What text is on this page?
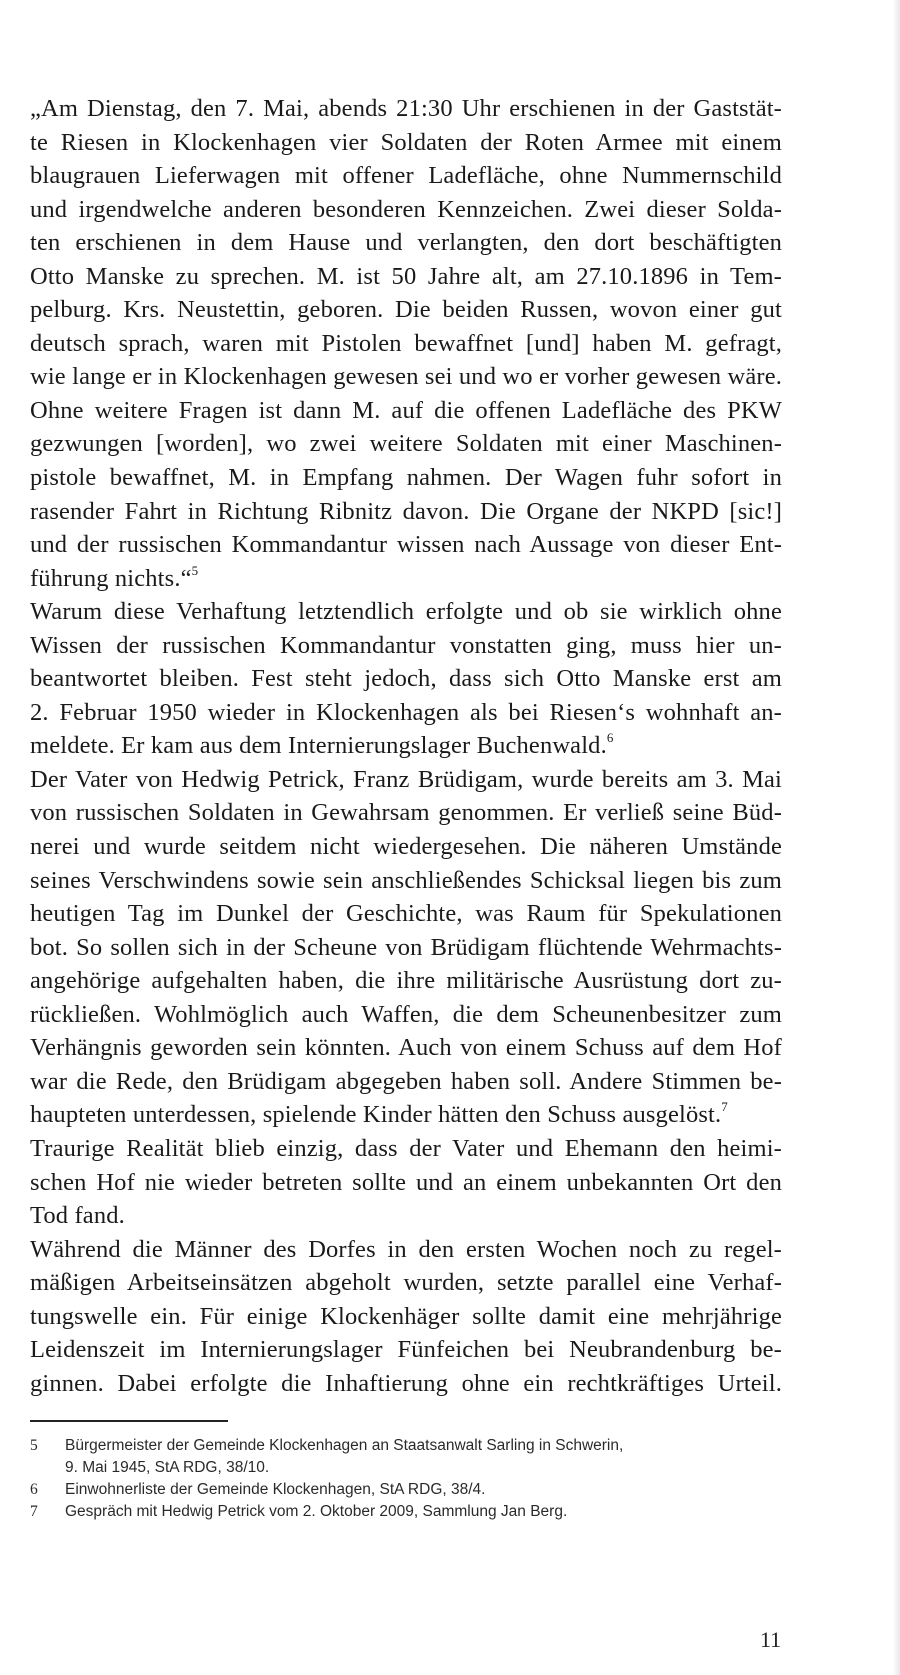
„Am Dienstag, den 7. Mai, abends 21:30 Uhr erschienen in der Gaststät-
te Riesen in Klockenhagen vier Soldaten der Roten Armee mit einem
blaugrauen Lieferwagen mit offener Ladefläche, ohne Nummernschild
und irgendwelche anderen besonderen Kennzeichen. Zwei dieser Solda-
ten erschienen in dem Hause und verlangten, den dort beschäftigten
Otto Manske zu sprechen. M. ist 50 Jahre alt, am 27.10.1896 in Tem-
pelburg. Krs. Neustettin, geboren. Die beiden Russen, wovon einer gut
deutsch sprach, waren mit Pistolen bewaffnet [und] haben M. gefragt,
wie lange er in Klockenhagen gewesen sei und wo er vorher gewesen wäre.
Ohne weitere Fragen ist dann M. auf die offenen Ladefläche des PKW
gezwungen [worden], wo zwei weitere Soldaten mit einer Maschinen-
pistole bewaffnet, M. in Empfang nahmen. Der Wagen fuhr sofort in
rasender Fahrt in Richtung Ribnitz davon. Die Organe der NKPD [sic!]
und der russischen Kommandantur wissen nach Aussage von dieser Ent-
führung nichts.“$^5$
Warum diese Verhaftung letztendlich erfolgte und ob sie wirklich ohne
Wissen der russischen Kommandantur vonstatten ging, muss hier un-
beantwortet bleiben. Fest steht jedoch, dass sich Otto Manske erst am
2. Februar 1950 wieder in Klockenhagen als bei Riesen‘s wohnhaft an-
meldete. Er kam aus dem Internierungslager Buchenwald.$^6$
Der Vater von Hedwig Petrick, Franz Brüdigam, wurde bereits am 3. Mai
von russischen Soldaten in Gewahrsam genommen. Er verließ seine Büd-
nerei und wurde seitdem nicht wiedergesehen. Die näheren Umstände
seines Verschwindens sowie sein anschließendes Schicksal liegen bis zum
heutigen Tag im Dunkel der Geschichte, was Raum für Spekulationen
bot. So sollen sich in der Scheune von Brüdigam flüchtende Wehrmachts-
angehörige aufgehalten haben, die ihre militärische Ausrüstung dort zu-
rückließen. Wohlmöglich auch Waffen, die dem Scheunenbesitzer zum
Verhängnis geworden sein könnten. Auch von einem Schuss auf dem Hof
war die Rede, den Brüdigam abgegeben haben soll. Andere Stimmen be-
haupteten unterdessen, spielende Kinder hätten den Schuss ausgelöst.$^7$
Traurige Realität blieb einzig, dass der Vater und Ehemann den heimi-
schen Hof nie wieder betreten sollte und an einem unbekannten Ort den
Tod fand.
Während die Männer des Dorfes in den ersten Wochen noch zu regel-
mäßigen Arbeitseinsätzen abgeholt wurden, setzte parallel eine Verhaf-
tungswelle ein. Für einige Klockenhäger sollte damit eine mehrjährige
Leidenszeit im Internierungslager Fünfeichen bei Neubrandenburg be-
ginnen. Dabei erfolgte die Inhaftierung ohne ein rechtkräftiges Urteil.
5	Bürgermeister der Gemeinde Klockenhagen an Staatsanwalt Sarling in Schwerin,
9. Mai 1945, StA RDG, 38/10.
6	Einwohnerliste der Gemeinde Klockenhagen, StA RDG, 38/4.
7	Gespräch mit Hedwig Petrick vom 2. Oktober 2009, Sammlung Jan Berg.
11
